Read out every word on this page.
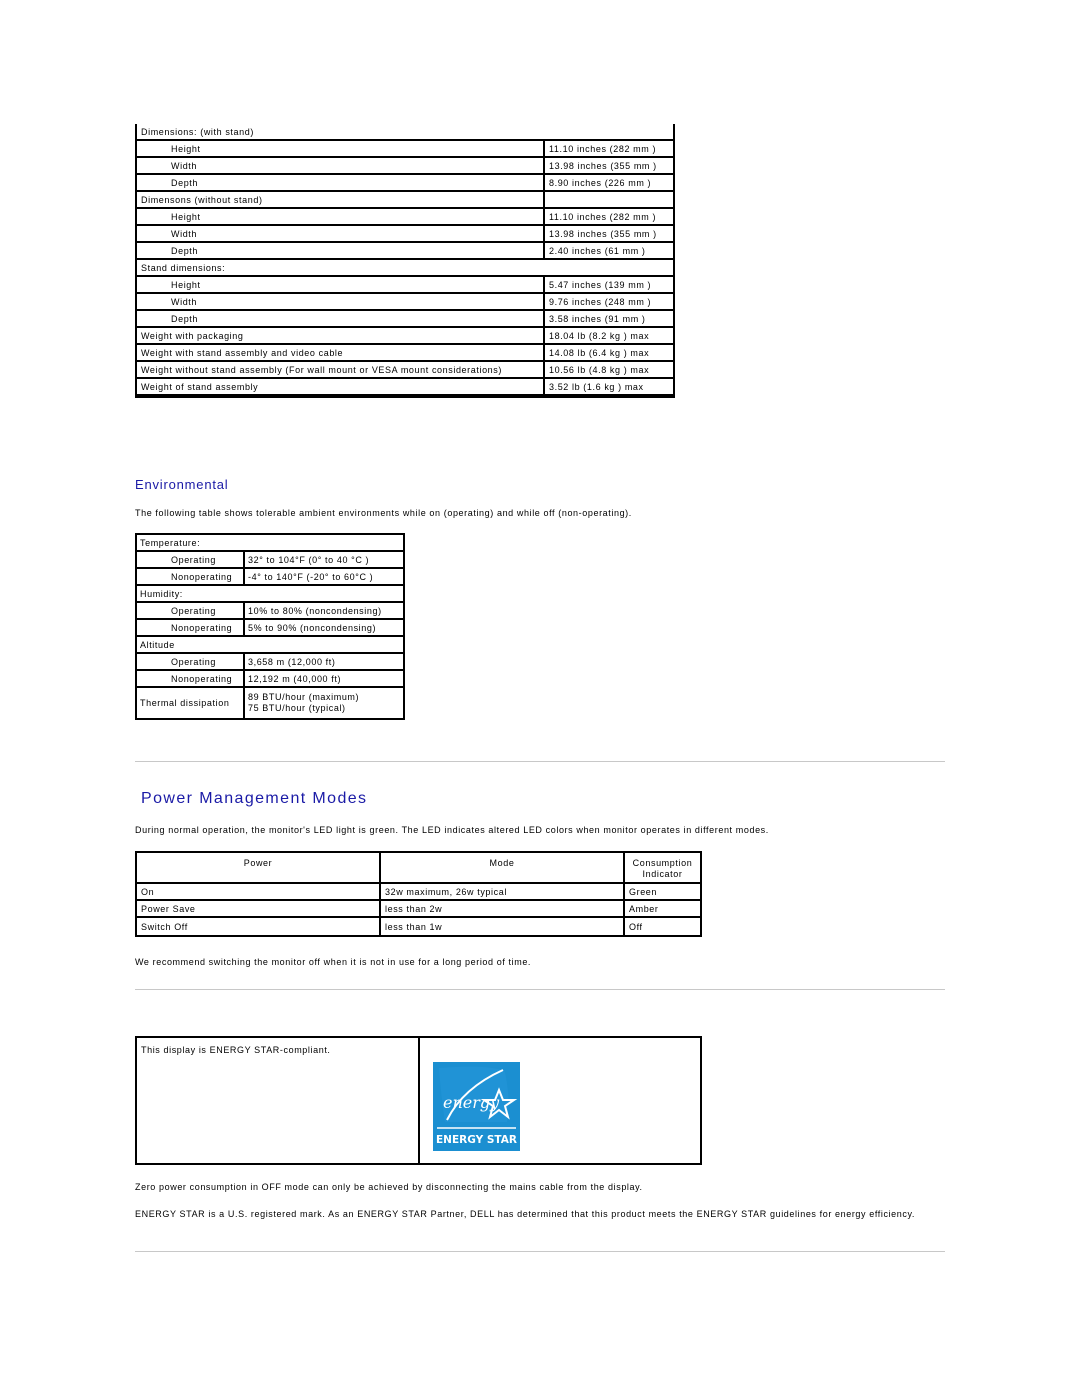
Dimensions: (with stand)	
Height	11.10 inches (282 mm )
Width	13.98 inches (355 mm )
Depth	8.90 inches (226 mm )
Dimensons (without stand)	
Height	11.10 inches (282 mm )
Width	13.98 inches (355 mm )
Depth	2.40 inches (61 mm )
Stand dimensions:	
Height	5.47 inches (139 mm )
Width	9.76 inches (248 mm )
Depth	3.58 inches (91 mm )
Weight with packaging	18.04 lb (8.2 kg ) max
Weight with stand assembly and video cable	14.08 lb (6.4 kg ) max
Weight without stand assembly (For wall mount or VESA mount considerations)	10.56 lb (4.8 kg ) max
Weight of stand assembly	3.52 lb (1.6 kg ) max
Environmental
The following table shows tolerable ambient environments while on (operating) and while off (non-operating).
Temperature:	
Operating	32° to 104°F (0° to 40 °C )
Nonoperating	-4° to 140°F (-20° to 60°C )
Humidity:	
Operating	10% to 80% (noncondensing)
Nonoperating	5% to 90% (noncondensing)
Altitude	
Operating	3,658 m (12,000 ft)
Nonoperating	12,192 m (40,000 ft)
Thermal dissipation	89 BTU/hour (maximum)
75 BTU/hour (typical)
Power Management Modes
During normal operation, the monitor's LED light is green. The LED indicates altered LED colors when monitor operates in different modes.
Power	Mode	Consumption
Indicator

On	32w maximum, 26w typical	Green
Power Save	less than 2w	Amber
Switch Off	less than 1w	Off
We recommend switching the monitor off when it is not in use for a long period of time.
This display is ENERGY STAR-compliant.
energy
ENERGY STAR
Zero power consumption in OFF mode can only be achieved by disconnecting the mains cable from the display.
ENERGY STAR is a U.S. registered mark. As an ENERGY STAR Partner, DELL has determined that this product meets the ENERGY STAR guidelines for energy efficiency.
